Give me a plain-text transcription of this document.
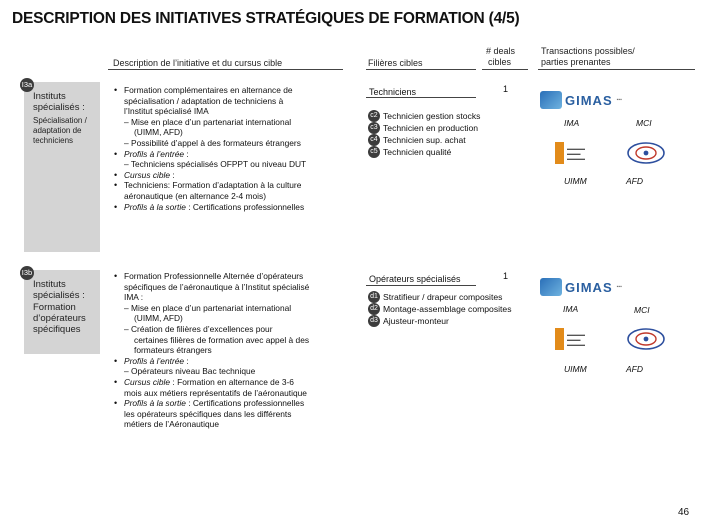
DESCRIPTION DES INITIATIVES STRATÉGIQUES DE FORMATION (4/5)
Description de l’initiative et du cursus cible	Filières cibles
# deals
cibles
Transactions possibles/
parties prenantes
I3a
Instituts
spécialisés :
Spécialisation /
adaptation de
techniciens
• Formation complémentaires en alternance de
spécialisation / adaptation de techniciens à
l’Institut spécialisé IMA
– Mise en place d’un partenariat international
(UIMM, AFD)
– Possibilité d’appel à des formateurs étrangers
• Profils à l’entrée :
– Techniciens spécialisés OFPPT ou niveau DUT
• Cursus cible :
• Techniciens: Formation d’adaptation à la culture
aéronautique (en alternance 2-4 mois)
• Profils à la sortie : Certifications professionnelles
Techniciens	1
c2 Technicien gestion stocks
c3 Technicien en production
c4 Technicien sup. achat
c5 Technicien qualité
GIMAS ▪▪▪
IMA	MCI
▬▬▬▬
▬▬▬
▬▬▬▬
UIMM	AFD
I3b
Instituts
spécialisés :
Formation
d’opérateurs
spécifiques
• Formation Professionnelle Alternée d’opérateurs
spécifiques de l’aéronautique à l’Institut spécialisé
IMA :
– Mise en place d’un partenariat international
(UIMM, AFD)
– Création de filières d’excellences pour
certaines filières de formation avec appel à des
formateurs étrangers
• Profils à l’entrée :
– Opérateurs niveau Bac technique
• Cursus cible : Formation en alternance de 3-6
mois aux métiers représentatifs de l’aéronautique
• Profils à la sortie : Certifications professionnelles
les opérateurs spécifiques dans les différents
métiers de l’Aéronautique
Opérateurs spécialisés	1
d1 Stratifieur / drapeur composites
d2 Montage-assemblage composites
d3 Ajusteur-monteur
GIMAS ▪▪▪
IMA	MCI
▬▬▬▬
▬▬▬
▬▬▬▬
UIMM	AFD
46
